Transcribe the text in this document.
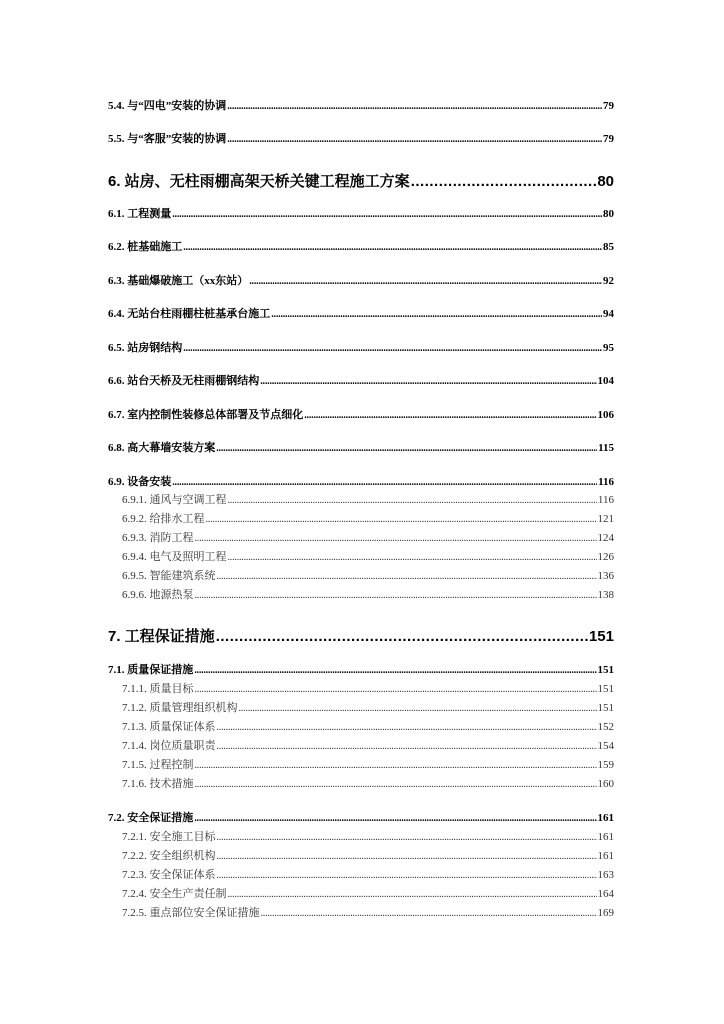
5.4. 与“四电”安装的协调 .....	79
5.5. 与“客服”安装的协调 .....	79
6. 站房、无柱雨棚高架天桥关键工程施工方案 .....	80
6.1. 工程测量 .....	80
6.2. 桩基础施工 .....	85
6.3. 基础爆破施工（xx东站） .....	92
6.4. 无站台柱雨棚柱桩基承台施工 .....	94
6.5. 站房钢结构 .....	95
6.6. 站台天桥及无柱雨棚钢结构 .....	104
6.7. 室内控制性装修总体部署及节点细化 .....	106
6.8. 高大幕墙安装方案 .....	115
6.9. 设备安装 .....	116
6.9.1. 通风与空调工程 .....	116
6.9.2. 给排水工程 .....	121
6.9.3. 消防工程 .....	124
6.9.4. 电气及照明工程 .....	126
6.9.5. 智能建筑系统 .....	136
6.9.6. 地源热泵 .....	138
7. 工程保证措施 .....	151
7.1. 质量保证措施 .....	151
7.1.1. 质量目标 .....	151
7.1.2. 质量管理组织机构 .....	151
7.1.3. 质量保证体系 .....	152
7.1.4. 岗位质量职责 .....	154
7.1.5. 过程控制 .....	159
7.1.6. 技术措施 .....	160
7.2. 安全保证措施 .....	161
7.2.1. 安全施工目标 .....	161
7.2.2. 安全组织机构 .....	161
7.2.3. 安全保证体系 .....	163
7.2.4. 安全生产责任制 .....	164
7.2.5. 重点部位安全保证措施 .....	169
